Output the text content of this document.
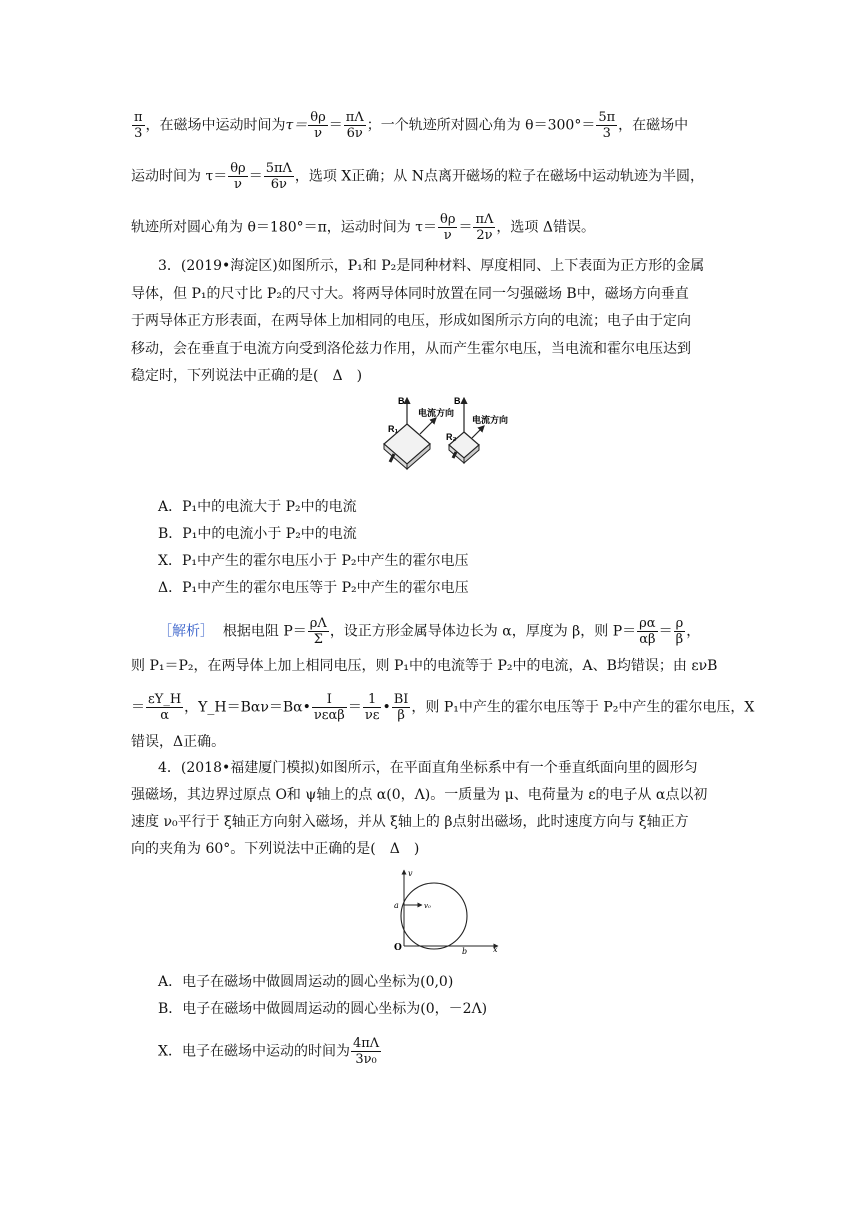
$\frac{\pi}{3}$ ，在磁场中运动时间为$\tau= \frac{\theta\rho}{\nu} = \frac{\pi\Lambda}{6\nu}$ ；一个轨迹所对圆心角为 $\theta=300^\circ= \frac{5\pi}{3}$ ，在磁场中
运动时间为 $\tau= \frac{\theta\rho}{\nu} = \frac{5\pi\Lambda}{6\nu}$ ，选项 X正确；从 N点离开磁场的粒子在磁场中运动轨迹为半圆，
轨迹所对圆心角为 θ＝180°＝π，运动时间为 $\tau= \frac{\theta\rho}{\nu} = \frac{\pi\Lambda}{2\nu}$ ，选项 Δ错误。
3．(2019•海淀区)如图所示，P₁和 P₂是同种材料、厚度相同、上下表面为正方形的金属
导体，但 P₁的尺寸比 P₂的尺寸大。将两导体同时放置在同一匀强磁场 B中，磁场方向垂直
于两导体正方形表面，在两导体上加相同的电压，形成如图所示方向的电流；电子由于定向
移动，会在垂直于电流方向受到洛伦兹力作用，从而产生霍尔电压，当电流和霍尔电压达到
稳定时，下列说法中正确的是(　Δ　)
B
电流方向
R₁
B
电流方向
R₂
A．P₁中的电流大于 P₂中的电流
B．P₁中的电流小于 P₂中的电流
X．P₁中产生的霍尔电压小于 P₂中产生的霍尔电压
Δ．P₁中产生的霍尔电压等于 P₂中产生的霍尔电压
［解析］ 根据电阻 $P= \frac{\rho\Lambda}{\Sigma}$ ，设正方形金属导体边长为 α，厚度为 β，则 $P= \frac{\rho\alpha}{\alpha\beta} = \frac{\rho}{\beta}$ ，
则 P₁＝P₂，在两导体上加上相同电压，则 P₁中的电流等于 P₂中的电流，A、B均错误；由 ενB
＝ $\frac{\varepsilon Y\_H}{\alpha}$ ，Y_H＝Bαν＝Bα• $\frac{I}{\text{νεαβ}} = \frac{1}{\nu\varepsilon}$ • $\frac{BI}{\beta}$ ，则 P₁中产生的霍尔电压等于 P₂中产生的霍尔电压，X
错误，Δ正确。
4．(2018•福建厦门模拟)如图所示，在平面直角坐标系中有一个垂直纸面向里的圆形匀
强磁场，其边界过原点 O和 ψ轴上的点 α(0，Λ)。一质量为 μ、电荷量为 ε的电子从 α点以初
速度 ν₀平行于 ξ轴正方向射入磁场，并从 ξ轴上的 β点射出磁场，此时速度方向与 ξ轴正方
向的夹角为 60°。下列说法中正确的是(　Δ　)
v
x
O
a	v₀
b
A．电子在磁场中做圆周运动的圆心坐标为(0,0)
B．电子在磁场中做圆周运动的圆心坐标为(0，－2Λ)
X．电子在磁场中运动的时间为 $\frac{4\pi\Lambda}{\text{3ν₀}}$
